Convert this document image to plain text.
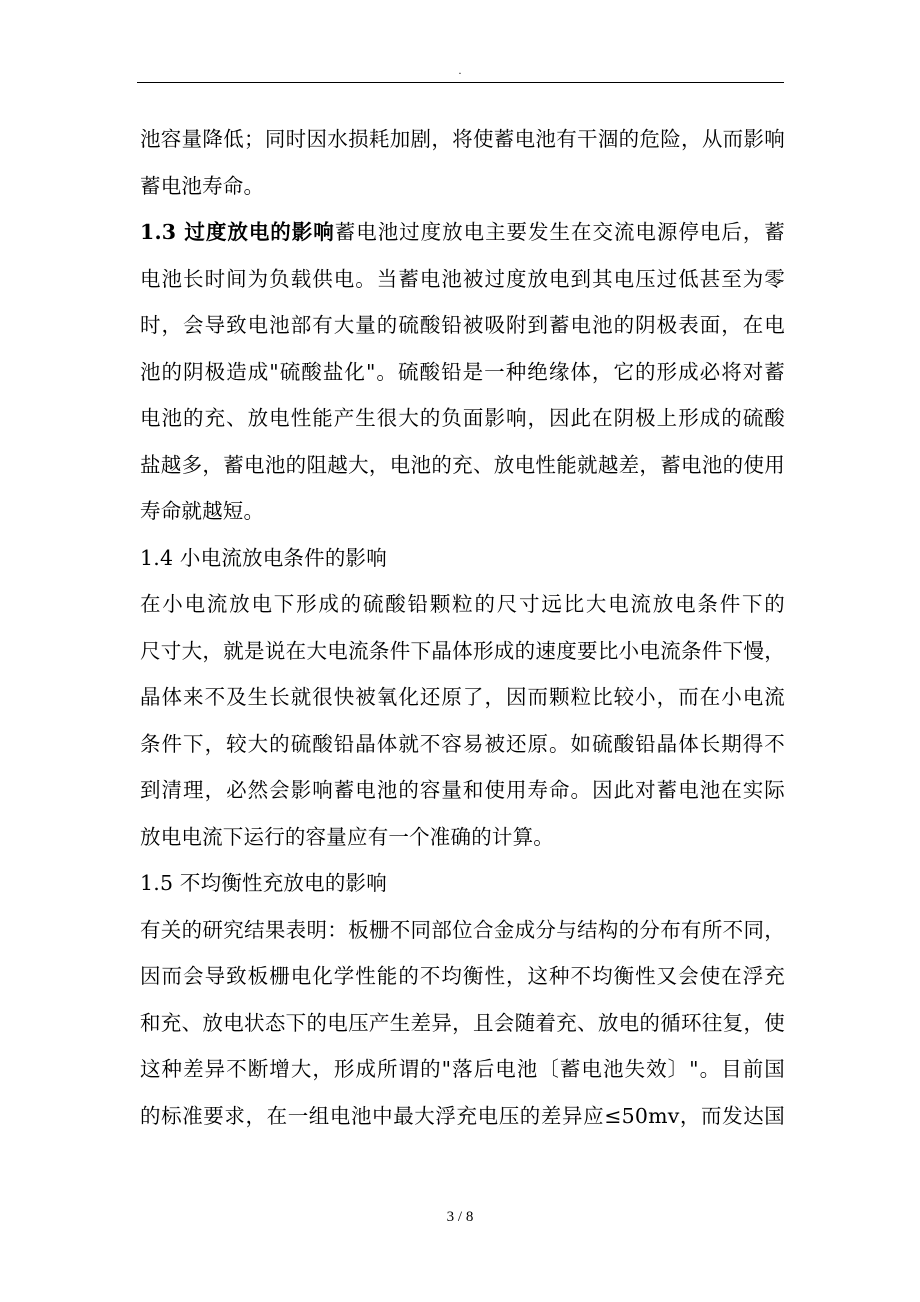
.
池容量降低；同时因水损耗加剧，将使蓄电池有干涸的危险，从而影响
蓄电池寿命。
1.3 过度放电的影响蓄电池过度放电主要发生在交流电源停电后，蓄
电池长时间为负载供电。当蓄电池被过度放电到其电压过低甚至为零
时，会导致电池部有大量的硫酸铅被吸附到蓄电池的阴极表面，在电
池的阴极造成"硫酸盐化"。硫酸铅是一种绝缘体，它的形成必将对蓄
电池的充、放电性能产生很大的负面影响，因此在阴极上形成的硫酸
盐越多，蓄电池的阻越大，电池的充、放电性能就越差，蓄电池的使用
寿命就越短。
1.4 小电流放电条件的影响
在小电流放电下形成的硫酸铅颗粒的尺寸远比大电流放电条件下的
尺寸大，就是说在大电流条件下晶体形成的速度要比小电流条件下慢，
晶体来不及生长就很快被氧化还原了，因而颗粒比较小，而在小电流
条件下，较大的硫酸铅晶体就不容易被还原。如硫酸铅晶体长期得不
到清理，必然会影响蓄电池的容量和使用寿命。因此对蓄电池在实际
放电电流下运行的容量应有一个准确的计算。
1.5 不均衡性充放电的影响
有关的研究结果表明：板栅不同部位合金成分与结构的分布有所不同，
因而会导致板栅电化学性能的不均衡性，这种不均衡性又会使在浮充
和充、放电状态下的电压产生差异，且会随着充、放电的循环往复，使
这种差异不断增大，形成所谓的"落后电池〔蓄电池失效〕"。目前国
的标准要求，在一组电池中最大浮充电压的差异应≤50mv，而发达国
3 / 8
